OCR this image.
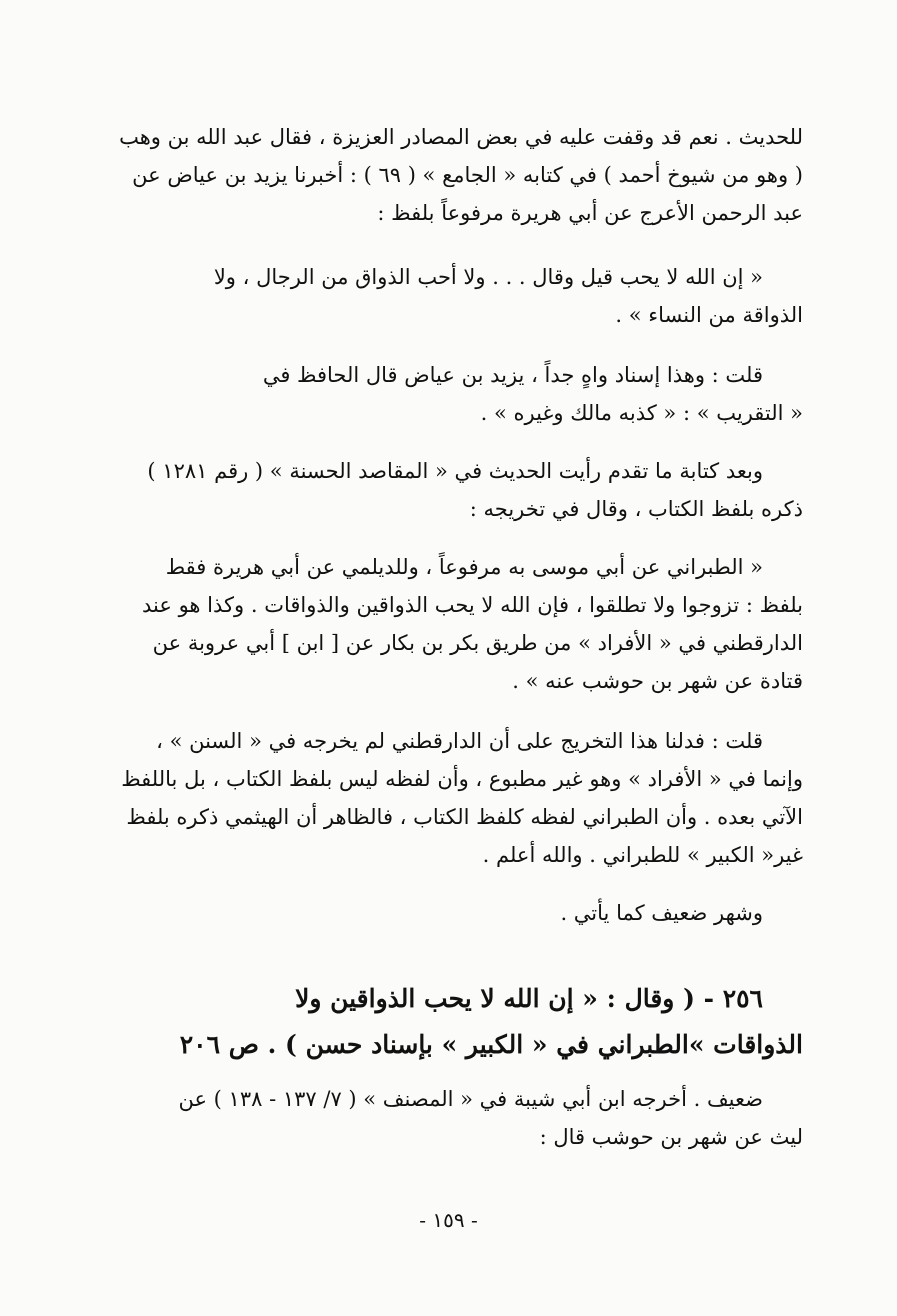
للحديث . نعم قد وقفت عليه في بعض المصادر العزيزة ، فقال عبد الله بن وهب
( وهو من شيوخ أحمد ) في كتابه « الجامع » ( ٦٩ ) : أخبرنا يزيد بن عياض عن
عبد الرحمن الأعرج عن أبي هريرة مرفوعاً بلفظ :
« إن الله لا يحب قيل وقال . . . ولا أحب الذواق من الرجال ، ولا
الذواقة من النساء » .
قلت : وهذا إسناد واهٍ جداً ، يزيد بن عياض قال الحافظ في
« التقريب » : « كذبه مالك وغيره » .
وبعد كتابة ما تقدم رأيت الحديث في « المقاصد الحسنة » ( رقم ١٢٨١ )
ذكره بلفظ الكتاب ، وقال في تخريجه :
« الطبراني عن أبي موسى به مرفوعاً ، وللديلمي عن أبي هريرة فقط
بلفظ : تزوجوا ولا تطلقوا ، فإن الله لا يحب الذواقين والذواقات . وكذا هو عند
الدارقطني في « الأفراد » من طريق بكر بن بكار عن [ ابن ] أبي عروبة عن
قتادة عن شهر بن حوشب عنه » .
قلت : فدلنا هذا التخريج على أن الدارقطني لم يخرجه في « السنن » ،
وإنما في « الأفراد » وهو غير مطبوع ، وأن لفظه ليس بلفظ الكتاب ، بل باللفظ
الآتي بعده . وأن الطبراني لفظه كلفظ الكتاب ، فالظاهر أن الهيثمي ذكره بلفظ
غير« الكبير » للطبراني . والله أعلم .
وشهر ضعيف كما يأتي .
٢٥٦ - ( وقال : « إن الله لا يحب الذواقين ولا
الذواقات »الطبراني في « الكبير » بإسناد حسن ) . ص ٢٠٦
ضعيف . أخرجه ابن أبي شيبة في « المصنف » ( ٧/ ١٣٧ - ١٣٨ ) عن
ليث عن شهر بن حوشب قال :
- ١٥٩ -
